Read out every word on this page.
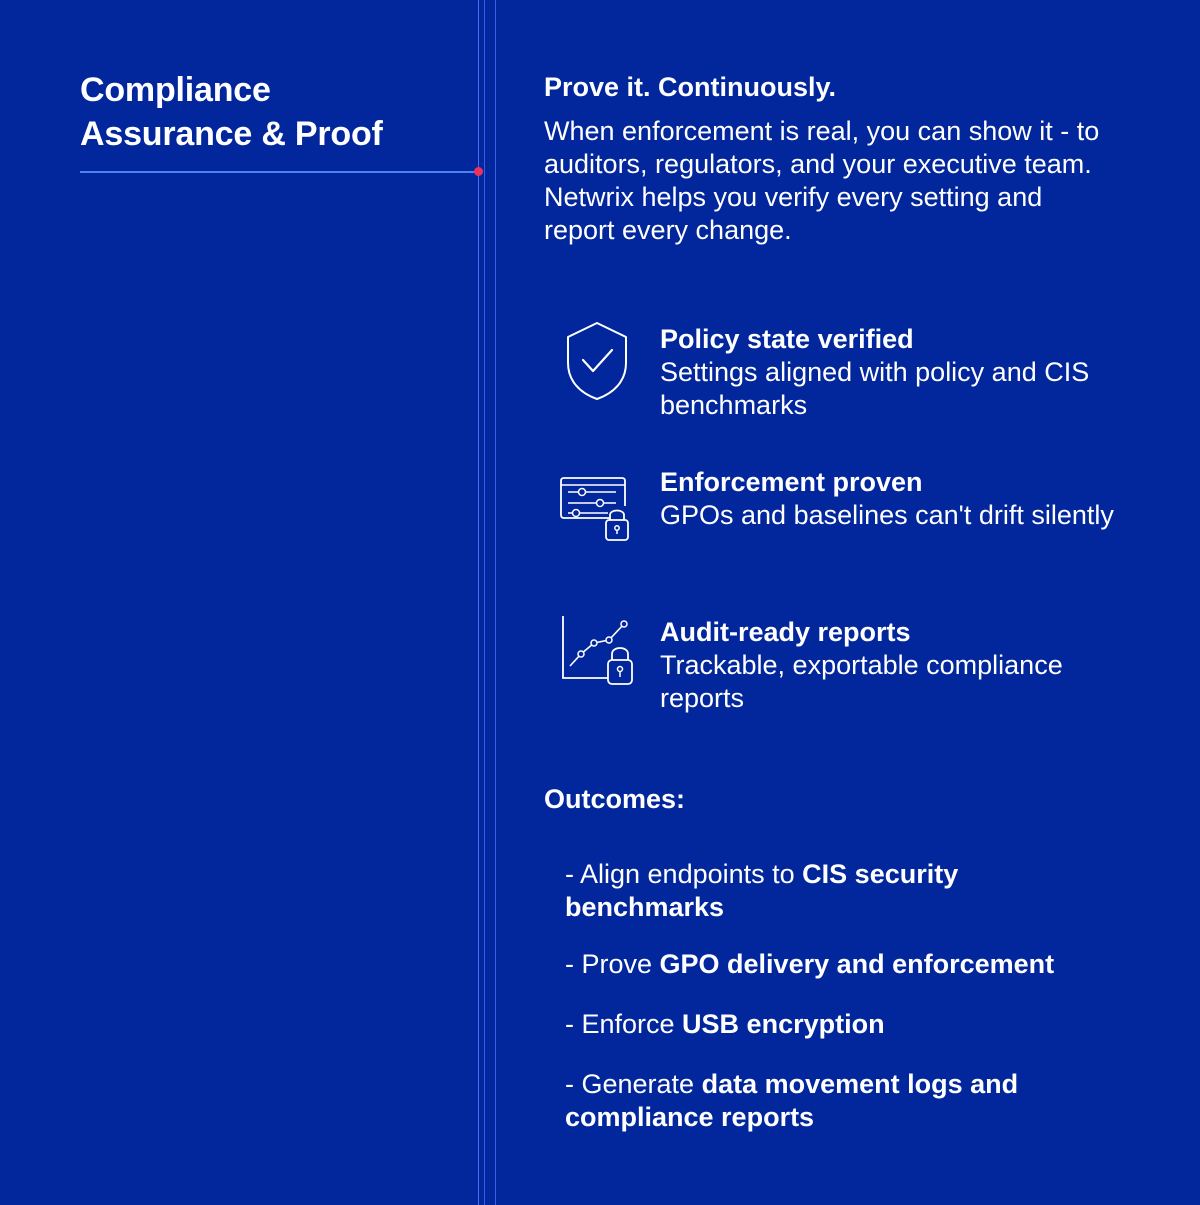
Compliance
Assurance & Proof
Prove it. Continuously.

When enforcement is real, you can show it - to auditors, regulators, and your executive team. Netwrix helps you verify every setting and report every change.

Policy state verified
Settings aligned with policy and CIS benchmarks
Enforcement proven
GPOs and baselines can't drift silently
Audit-ready reports
Trackable, exportable compliance reports
Outcomes:
- Align endpoints to CIS security benchmarks
- Prove GPO delivery and enforcement
- Enforce USB encryption
- Generate data movement logs and compliance reports
